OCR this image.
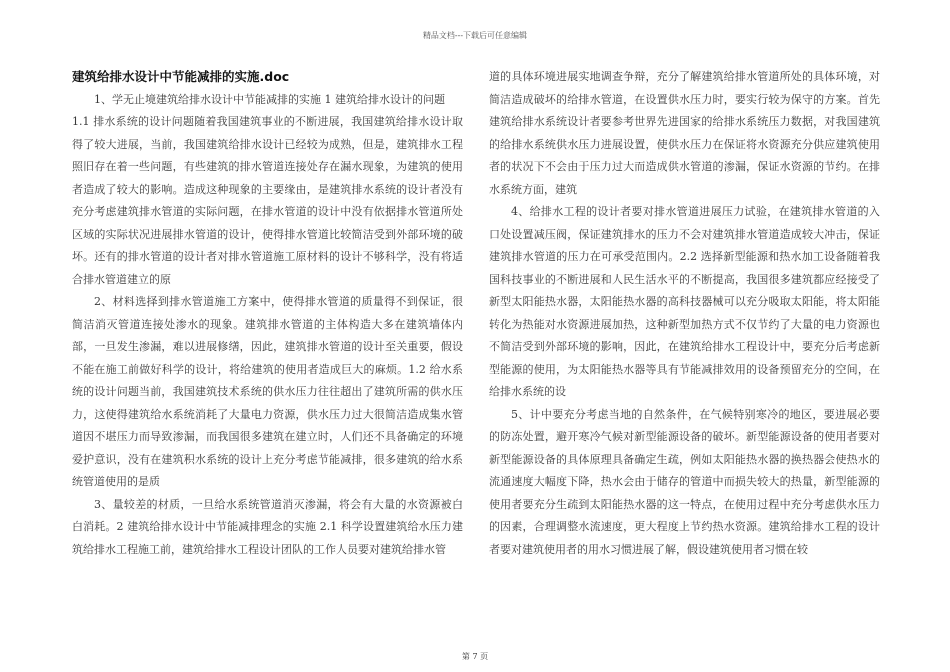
精品文档---下载后可任意编辑
建筑给排水设计中节能减排的实施.doc

1、学无止境建筑给排水设计中节能减排的实施 1 建筑给排水设计的问题

1.1 排水系统的设计问题随着我国建筑事业的不断进展，我国建筑给排水设计取得了较大进展，当前，我国建筑给排水设计已经较为成熟，但是，建筑排水工程照旧存在着一些问题，有些建筑的排水管道连接处存在漏水现象，为建筑的使用者造成了较大的影响。造成这种现象的主要缘由，是建筑排水系统的设计者没有充分考虑建筑排水管道的实际问题，在排水管道的设计中没有依据排水管道所处区域的实际状况进展排水管道的设计，使得排水管道比较简洁受到外部环境的破坏。还有的排水管道的设计者对排水管道施工原材料的设计不够科学，没有将适合排水管道建立的原

2、材料选择到排水管道施工方案中，使得排水管道的质量得不到保证，很简洁消灭管道连接处渗水的现象。建筑排水管道的主体构造大多在建筑墙体内部，一旦发生渗漏，难以进展修缮，因此，建筑排水管道的设计至关重要，假设不能在施工前做好科学的设计，将给建筑的使用者造成巨大的麻烦。1.2 给水系统的设计问题当前，我国建筑技术系统的供水压力往往超出了建筑所需的供水压力，这使得建筑给水系统消耗了大量电力资源，供水压力过大很简洁造成集水管道因不堪压力而导致渗漏，而我国很多建筑在建立时，人们还不具备确定的环境爱护意识，没有在建筑积水系统的设计上充分考虑节能减排，很多建筑的给水系统管道使用的是质

3、量较差的材质，一旦给水系统管道消灭渗漏，将会有大量的水资源被白白消耗。2 建筑给排水设计中节能减排理念的实施 2.1 科学设置建筑给水压力建筑给排水工程施工前，建筑给排水工程设计团队的工作人员要对建筑给排水管

道的具体环境进展实地调查争辩，充分了解建筑给排水管道所处的具体环境，对简洁造成破坏的给排水管道，在设置供水压力时，要实行较为保守的方案。首先建筑给排水系统设计者要参考世界先进国家的给排水系统压力数据，对我国建筑的给排水系统供水压力进展设置，使供水压力在保证将水资源充分供应建筑使用者的状况下不会由于压力过大而造成供水管道的渗漏，保证水资源的节约。在排水系统方面，建筑

4、给排水工程的设计者要对排水管道进展压力试验，在建筑排水管道的入口处设置减压阀，保证建筑排水的压力不会对建筑排水管道造成较大冲击，保证建筑排水管道的压力在可承受范围内。2.2 选择新型能源和热水加工设备随着我国科技事业的不断进展和人民生活水平的不断提高，我国很多建筑都应经接受了新型太阳能热水器，太阳能热水器的高科技器械可以充分吸取太阳能，将太阳能转化为热能对水资源进展加热，这种新型加热方式不仅节约了大量的电力资源也不简洁受到外部环境的影响，因此，在建筑给排水工程设计中，要充分后考虑新型能源的使用，为太阳能热水器等具有节能减排效用的设备预留充分的空间，在给排水系统的设

5、计中要充分考虑当地的自然条件，在气候特别寒冷的地区，要进展必要的防冻处置，避开寒冷气候对新型能源设备的破坏。新型能源设备的使用者要对新型能源设备的具体原理具备确定生疏，例如太阳能热水器的换热器会使热水的流通速度大幅度下降，热水会由于储存的管道中而损失较大的热量，新型能源的使用者要充分生疏到太阳能热水器的这一特点，在使用过程中充分考虑供水压力的因素，合理调整水流速度，更大程度上节约热水资源。建筑给排水工程的设计者要对建筑使用者的用水习惯进展了解，假设建筑使用者习惯在较

第 7 页
